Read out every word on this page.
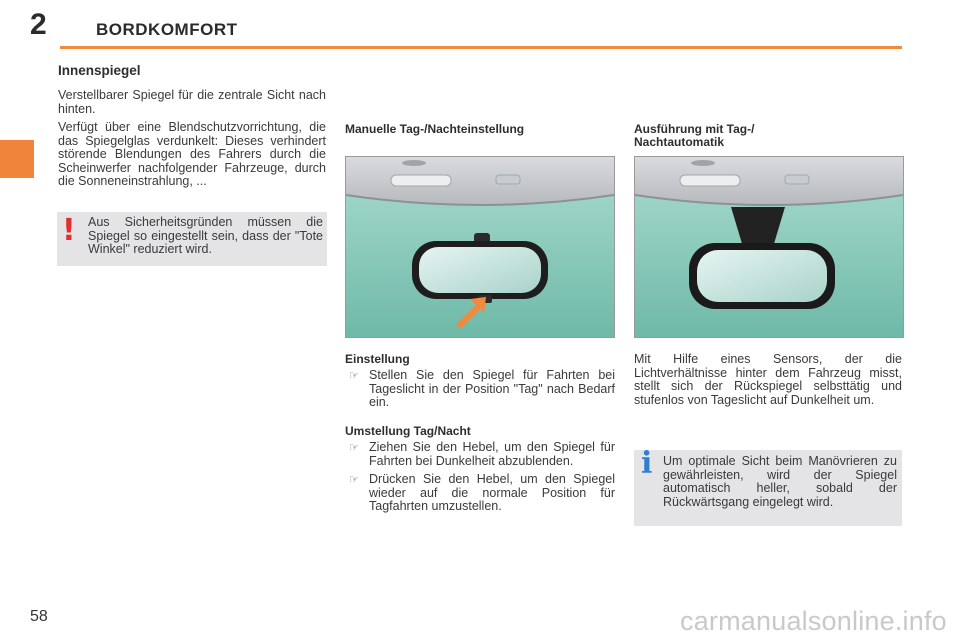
2	BORDKOMFORT
Innenspiegel

Verstellbarer Spiegel für die zentrale Sicht nach hinten.

Verfügt über eine Blendschutzvorrichtung, die das Spiegelglas verdunkelt: Dieses verhindert störende Blendungen des Fahrers durch die Scheinwerfer nachfolgender Fahrzeuge, durch die Sonneneinstrahlung, ...

! Aus Sicherheitsgründen müssen die Spiegel so eingestellt sein, dass der "Tote Winkel" reduziert wird.
Manuelle Tag-/Nachteinstellung
Einstellung
☞ Stellen Sie den Spiegel für Fahrten bei Tageslicht in der Position "Tag" nach Bedarf ein.
Umstellung Tag/Nacht
☞ Ziehen Sie den Hebel, um den Spiegel für Fahrten bei Dunkelheit abzublenden.
☞ Drücken Sie den Hebel, um den Spiegel wieder auf die normale Position für Tagfahrten umzustellen.
Ausführung mit Tag-/
Nachtautomatik
Mit Hilfe eines Sensors, der die Lichtverhältnisse hinter dem Fahrzeug misst, stellt sich der Rückspiegel selbsttätig und stufenlos von Tageslicht auf Dunkelheit um.
i Um optimale Sicht beim Manövrieren zu gewährleisten, wird der Spiegel automatisch heller, sobald der Rückwärtsgang eingelegt wird.
58	carmanualsonline.info
